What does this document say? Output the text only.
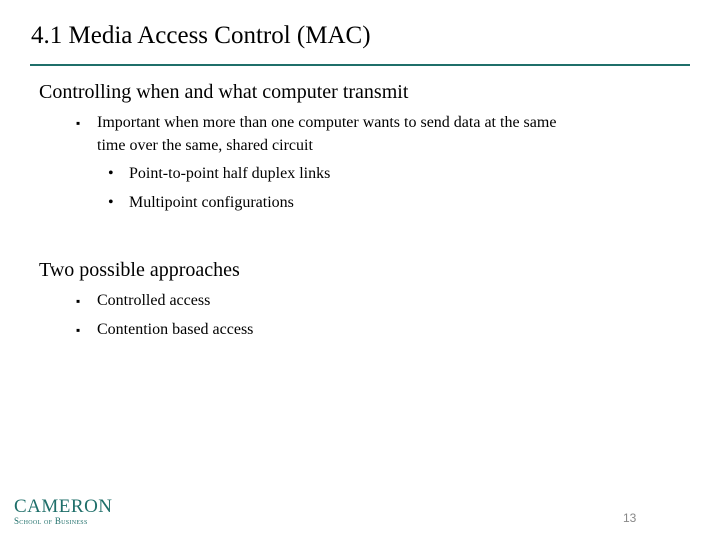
4.1 Media Access Control (MAC)
Controlling when and what computer transmit
▪ Important when more than one computer wants to send data at the same
time over the same, shared circuit
• Point-to-point half duplex links
• Multipoint configurations
Two possible approaches
▪ Controlled access
▪ Contention based access
CAMERON
School of Business	13
